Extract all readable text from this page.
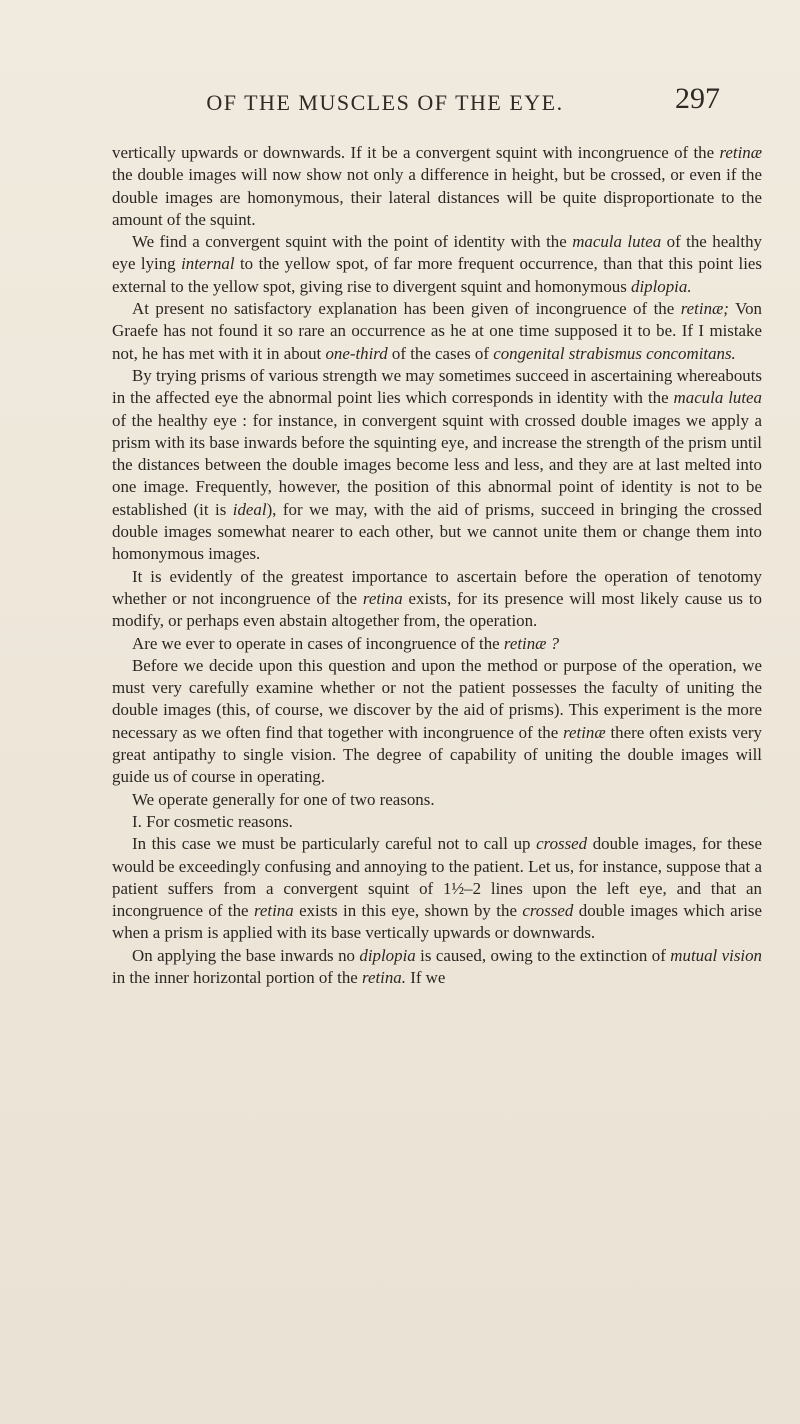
OF THE MUSCLES OF THE EYE.	297

vertically upwards or downwards. If it be a convergent squint with incongruence of the retinæ the double images will now show not only a difference in height, but be crossed, or even if the double images are homonymous, their lateral distances will be quite disproportionate to the amount of the squint.

We find a convergent squint with the point of identity with the macula lutea of the healthy eye lying internal to the yellow spot, of far more frequent occurrence, than that this point lies external to the yellow spot, giving rise to divergent squint and homonymous diplopia.

At present no satisfactory explanation has been given of incongruence of the retinæ; Von Graefe has not found it so rare an occurrence as he at one time supposed it to be. If I mistake not, he has met with it in about one-third of the cases of congenital strabismus concomitans.

By trying prisms of various strength we may sometimes succeed in ascertaining whereabouts in the affected eye the abnormal point lies which corresponds in identity with the macula lutea of the healthy eye : for instance, in convergent squint with crossed double images we apply a prism with its base inwards before the squinting eye, and increase the strength of the prism until the distances between the double images become less and less, and they are at last melted into one image. Frequently, however, the position of this abnormal point of identity is not to be established (it is ideal), for we may, with the aid of prisms, succeed in bringing the crossed double images somewhat nearer to each other, but we cannot unite them or change them into homonymous images.

It is evidently of the greatest importance to ascertain before the operation of tenotomy whether or not incongruence of the retina exists, for its presence will most likely cause us to modify, or perhaps even abstain altogether from, the operation.

Are we ever to operate in cases of incongruence of the retinæ ?

Before we decide upon this question and upon the method or purpose of the operation, we must very carefully examine whether or not the patient possesses the faculty of uniting the double images (this, of course, we discover by the aid of prisms). This experiment is the more necessary as we often find that together with incongruence of the retinæ there often exists very great antipathy to single vision. The degree of capability of uniting the double images will guide us of course in operating.

We operate generally for one of two reasons.

I. For cosmetic reasons.

In this case we must be particularly careful not to call up crossed double images, for these would be exceedingly confusing and annoying to the patient. Let us, for instance, suppose that a patient suffers from a convergent squint of 1½–2 lines upon the left eye, and that an incongruence of the retina exists in this eye, shown by the crossed double images which arise when a prism is applied with its base vertically upwards or downwards.

On applying the base inwards no diplopia is caused, owing to the extinction of mutual vision in the inner horizontal portion of the retina. If we
